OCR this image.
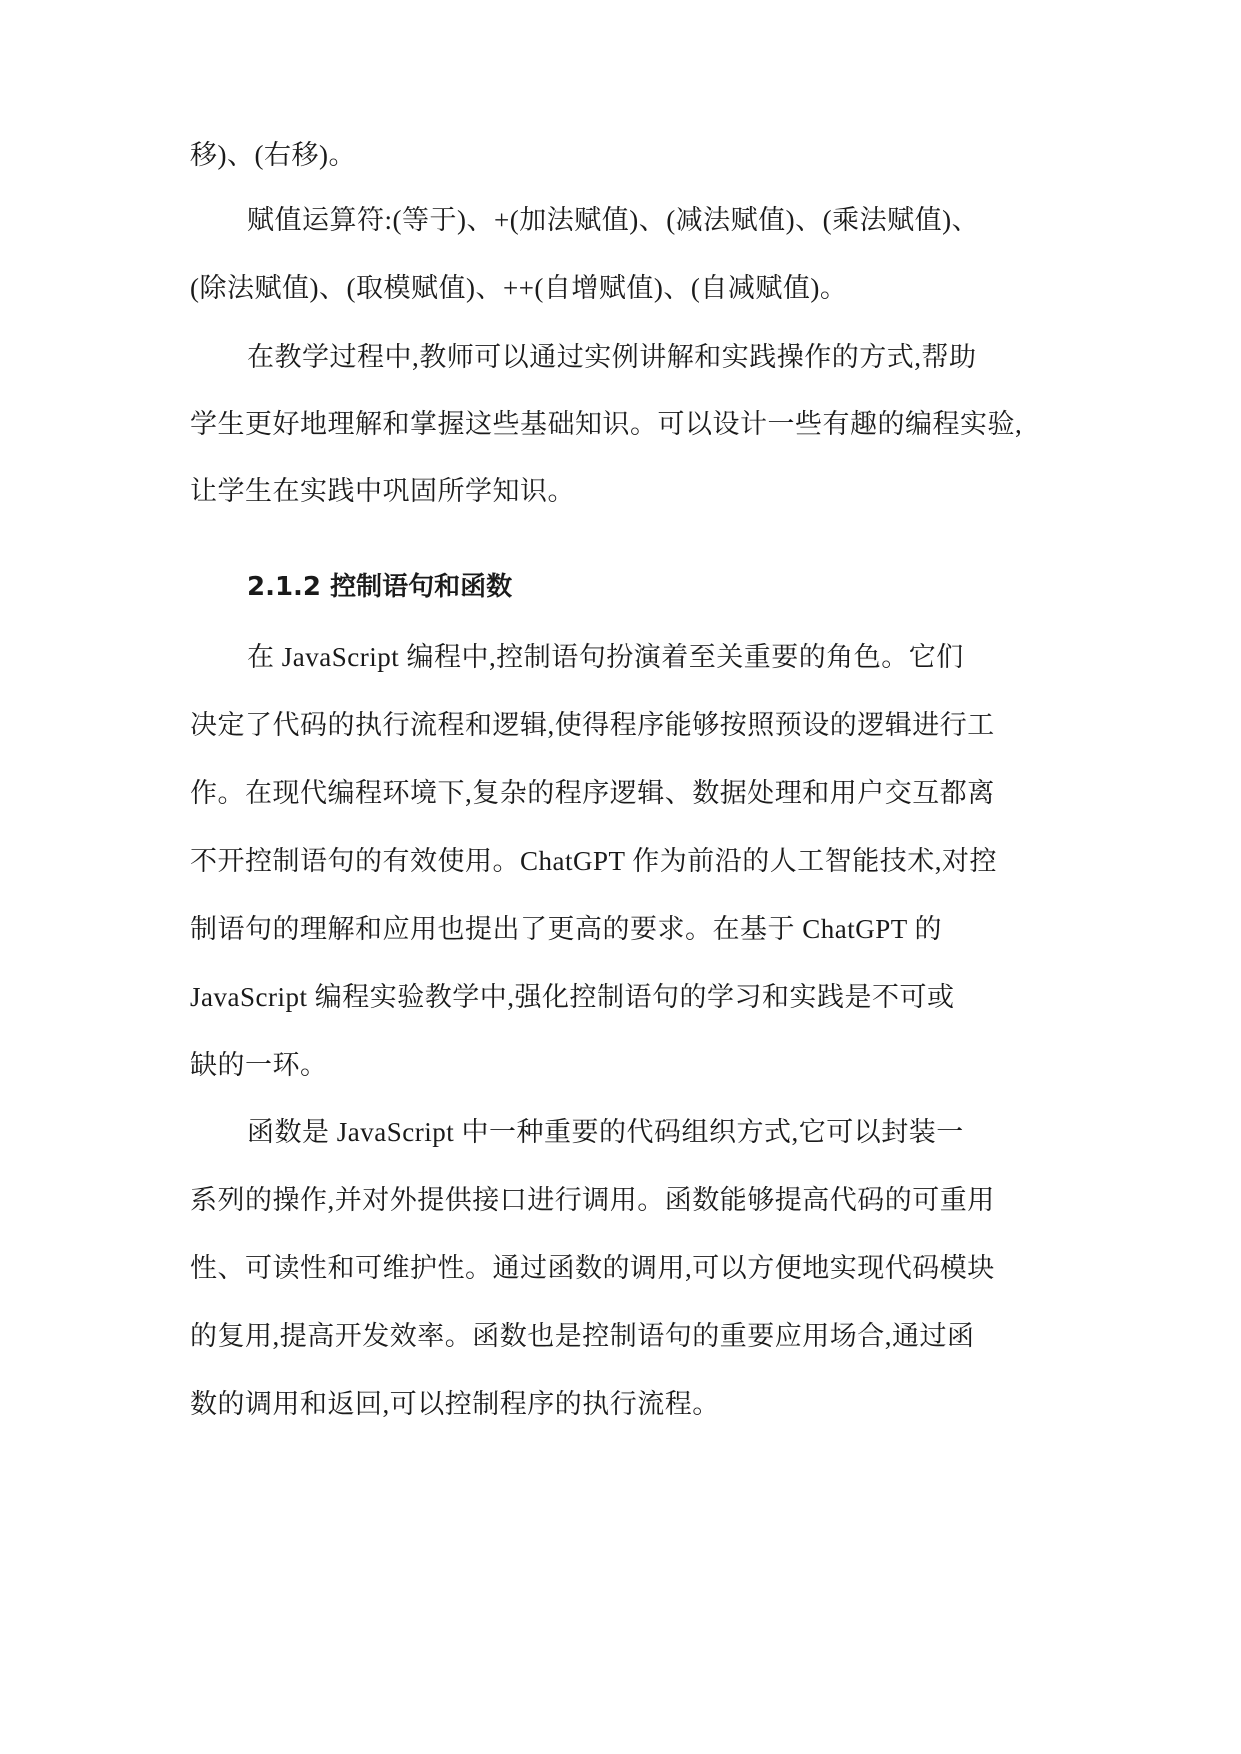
移)、(右移)。
赋值运算符:(等于)、+(加法赋值)、(减法赋值)、(乘法赋值)、
(除法赋值)、(取模赋值)、++(自增赋值)、(自减赋值)。
在教学过程中,教师可以通过实例讲解和实践操作的方式,帮助
学生更好地理解和掌握这些基础知识。可以设计一些有趣的编程实验,
让学生在实践中巩固所学知识。
2.1.2 控制语句和函数
在 JavaScript 编程中,控制语句扮演着至关重要的角色。它们
决定了代码的执行流程和逻辑,使得程序能够按照预设的逻辑进行工
作。在现代编程环境下,复杂的程序逻辑、数据处理和用户交互都离
不开控制语句的有效使用。ChatGPT 作为前沿的人工智能技术,对控
制语句的理解和应用也提出了更高的要求。在基于 ChatGPT 的
JavaScript 编程实验教学中,强化控制语句的学习和实践是不可或
缺的一环。
函数是 JavaScript 中一种重要的代码组织方式,它可以封装一
系列的操作,并对外提供接口进行调用。函数能够提高代码的可重用
性、可读性和可维护性。通过函数的调用,可以方便地实现代码模块
的复用,提高开发效率。函数也是控制语句的重要应用场合,通过函
数的调用和返回,可以控制程序的执行流程。
